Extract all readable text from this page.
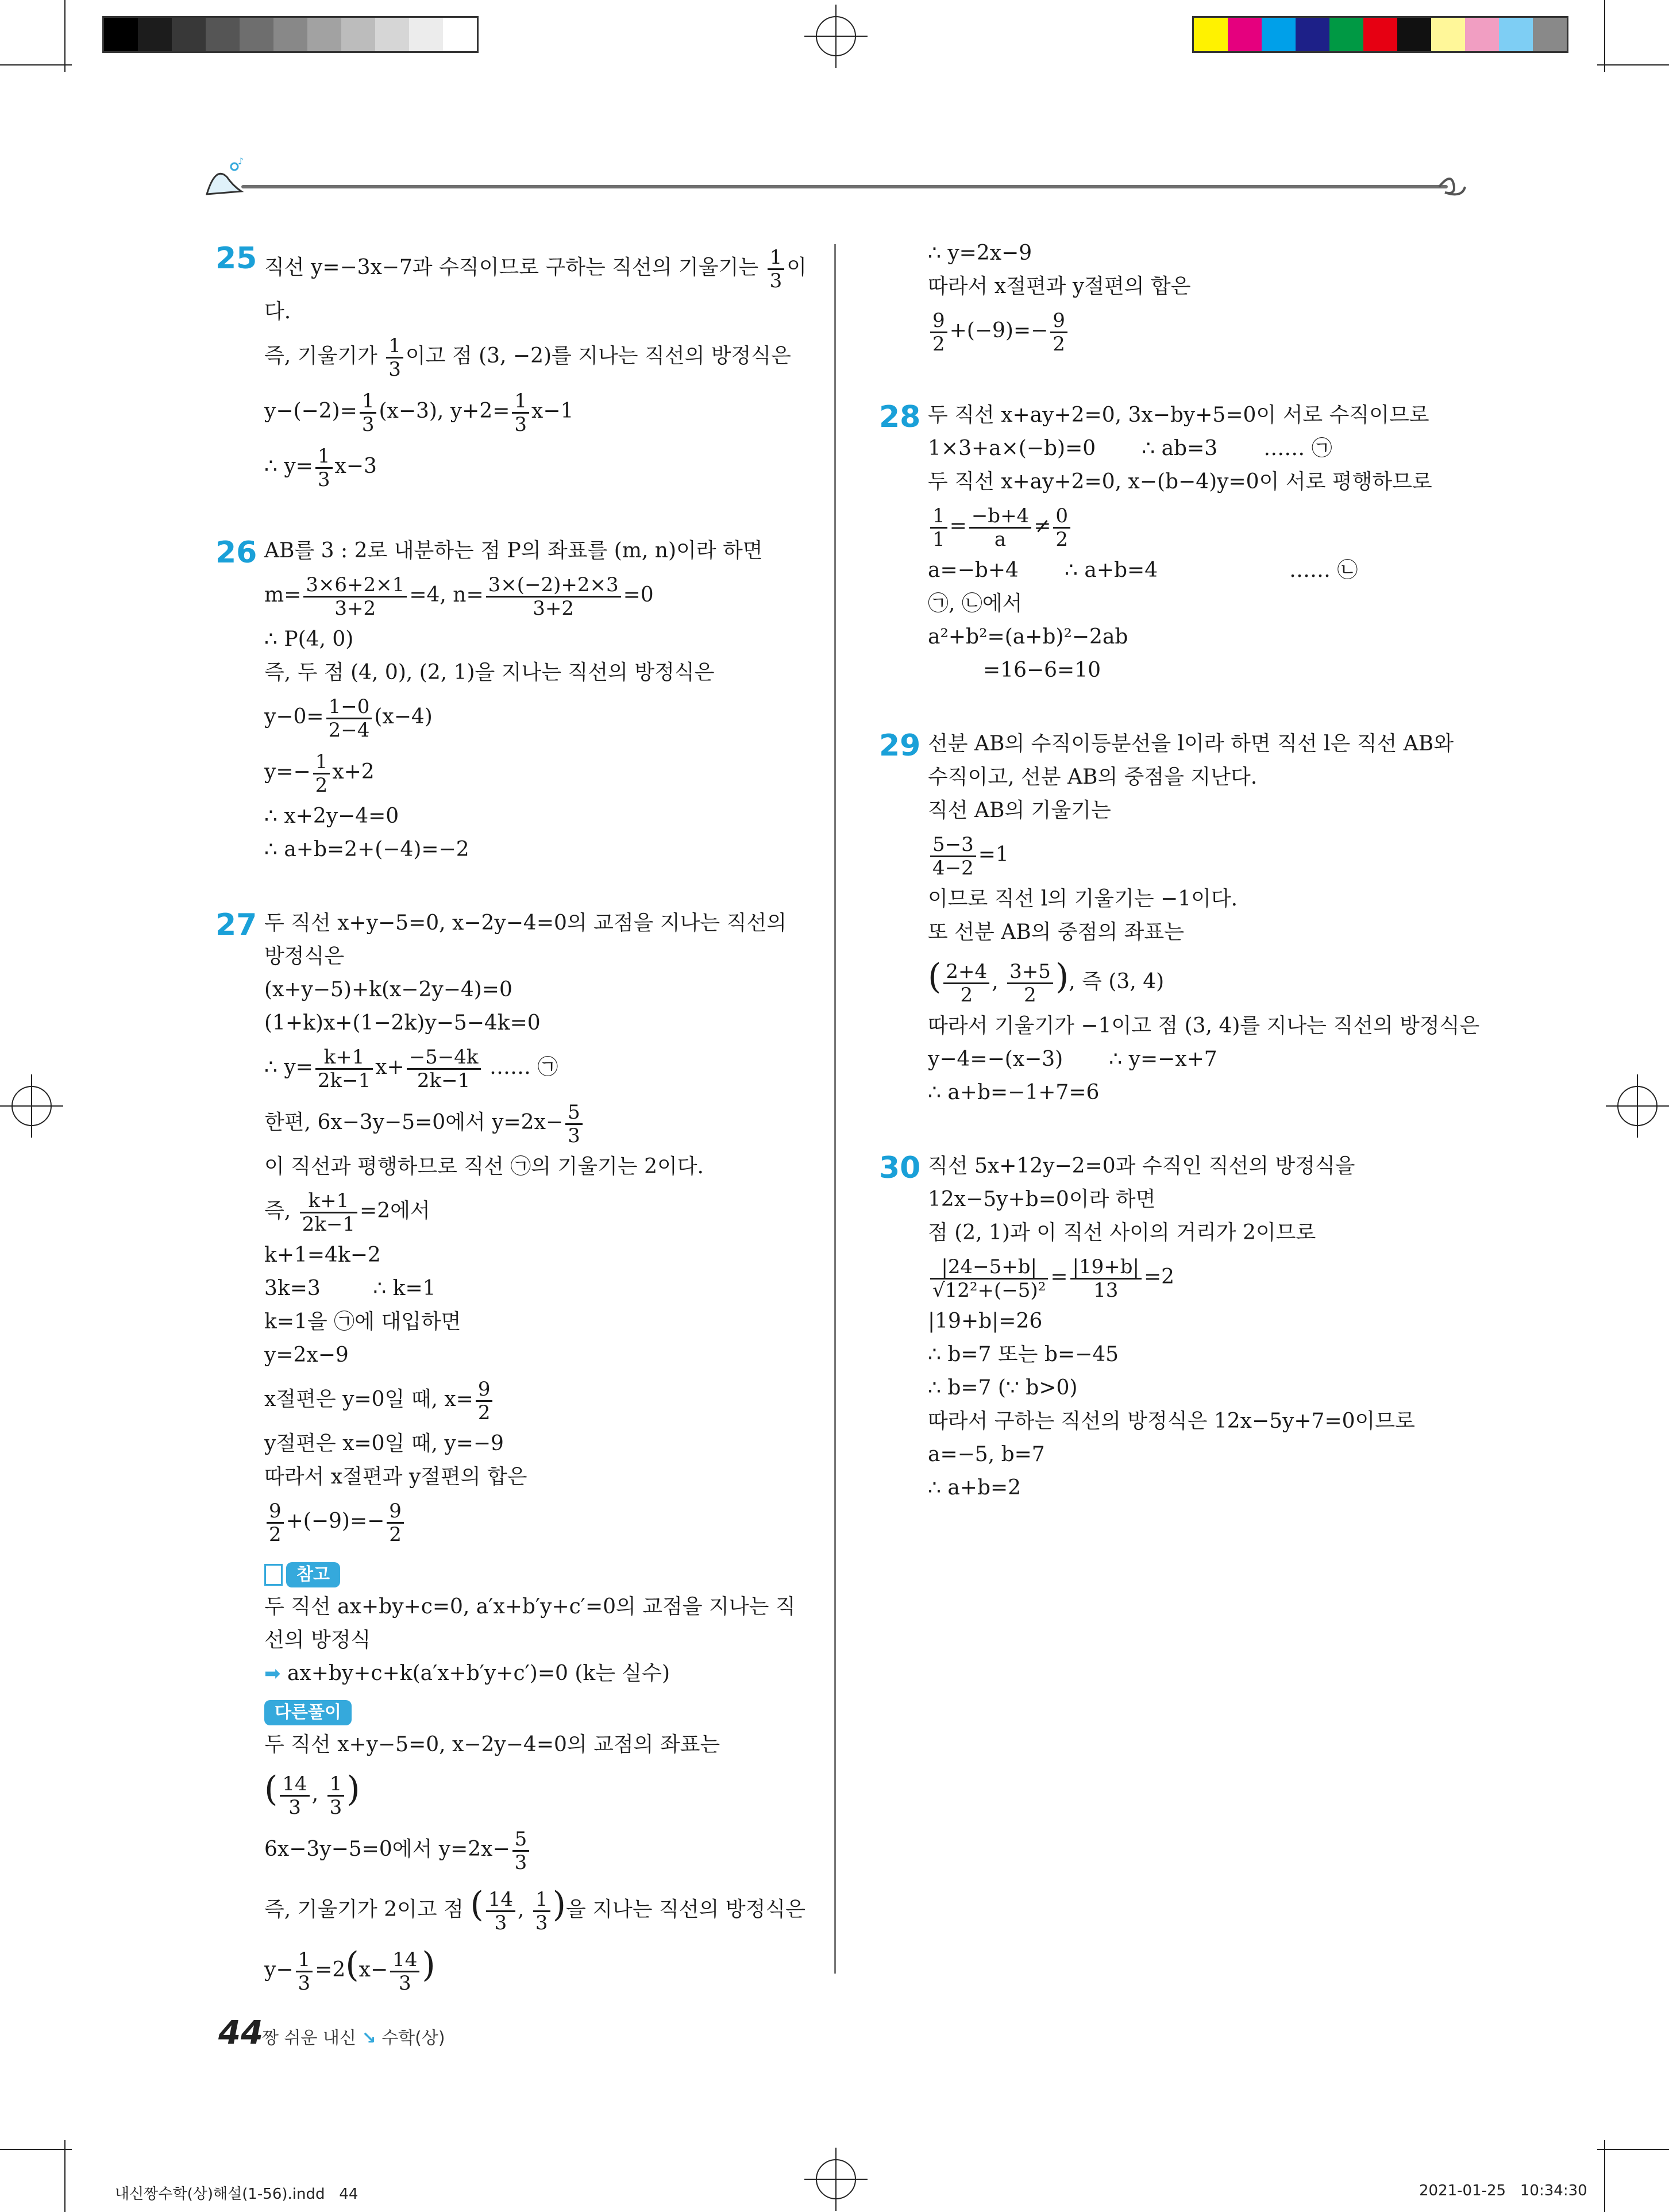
♪
25 직선 y=−3x−7과 수직이므로 구하는 직선의 기울기는 $\frac{1}{3}$ 이
다.
즉, 기울기가 $\frac{1}{3}$ 이고 점 (3, −2)를 지나는 직선의 방정식은
$y-(-2)= \frac{1}{3} (x-3)$, $y+2= \frac{1}{3} x-1$
∴ $y= \frac{1}{3} x-3$
26 AB를 3 : 2로 내분하는 점 P의 좌표를 (m, n)이라 하면
$m= \frac{3\times 6+2\times 1}{3+2} =4$, $n= \frac{3\times(-2)+2\times 3}{3+2} =0$
∴ P(4, 0)
즉, 두 점 (4, 0), (2, 1)을 지나는 직선의 방정식은
$y-0= \frac{1-0}{2-4} (x-4)$
$y=- \frac{1}{2} x+2$
∴ x+2y−4=0
∴ a+b=2+(−4)=−2
27 두 직선 x+y−5=0, x−2y−4=0의 교점을 지나는 직선의
방정식은
(x+y−5)+k(x−2y−4)=0
(1+k)x+(1−2k)y−5−4k=0
∴ $y= \frac{k+1}{2k-1} x+ \frac{-5-4k}{2k-1}$ …… ㉠
한편, 6x−3y−5=0에서 $y=2x- \frac{5}{3}$
이 직선과 평행하므로 직선 ㉠의 기울기는 2이다.
즉, $\frac{k+1}{2k-1} =2$에서
k+1=4k−2
3k=3        ∴ k=1
k=1을 ㉠에 대입하면
y=2x−9
x절편은 y=0일 때, $x= \frac{9}{2}$
y절편은 x=0일 때, y=−9
따라서 x절편과 y절편의 합은
$\frac{9}{2} +(-9)=- \frac{9}{2}$
참고
두 직선 ax+by+c=0, a′x+b′y+c′=0의 교점을 지나는 직
선의 방정식
➡ ax+by+c+k(a′x+b′y+c′)=0 (k는 실수)
다른풀이
두 직선 x+y−5=0, x−2y−4=0의 교점의 좌표는
( $\frac{14}{3}$ , $\frac{1}{3}$ )
6x−3y−5=0에서 $y=2x- \frac{5}{3}$
즉, 기울기가 2이고 점 ( $\frac{14}{3}$ , $\frac{1}{3}$ )을 지나는 직선의 방정식은
$y- \frac{1}{3} =2(x- \frac{14}{3}$ )
∴ y=2x−9
따라서 x절편과 y절편의 합은
$\frac{9}{2} +(-9)=- \frac{9}{2}$
28 두 직선 x+ay+2=0, 3x−by+5=0이 서로 수직이므로
1×3+a×(−b)=0       ∴ ab=3       …… ㉠
두 직선 x+ay+2=0, x−(b−4)y=0이 서로 평행하므로
$\frac{1}{1} = \frac{-b+4}{a} \ne \frac{0}{2}$
a=−b+4       ∴ a+b=4                    …… ㉡
㉠, ㉡에서
a²+b²=(a+b)²−2ab
=16−6=10
29 선분 AB의 수직이등분선을 l이라 하면 직선 l은 직선 AB와
수직이고, 선분 AB의 중점을 지난다.
직선 AB의 기울기는
$\frac{5-3}{4-2} =1$
이므로 직선 l의 기울기는 −1이다.
또 선분 AB의 중점의 좌표는
( $\frac{2+4}{2}$ , $\frac{3+5}{2}$ ), 즉 (3, 4)
따라서 기울기가 −1이고 점 (3, 4)를 지나는 직선의 방정식은
y−4=−(x−3)       ∴ y=−x+7
∴ a+b=−1+7=6
30 직선 5x+12y−2=0과 수직인 직선의 방정식을
12x−5y+b=0이라 하면
점 (2, 1)과 이 직선 사이의 거리가 2이므로
$\frac{|24-5+b|}{\text{√12²+(−5)²}} = \frac{|19+b|}{13} =2$
|19+b|=26
∴ b=7 또는 b=−45
∴ b=7 (∵ b>0)
따라서 구하는 직선의 방정식은 12x−5y+7=0이므로
a=−5, b=7
∴ a+b=2
44
짱 쉬운 내신 ↘ 수학(상)
내신짱수학(상)해설(1-56).indd   44	2021-01-25   10:34:30
